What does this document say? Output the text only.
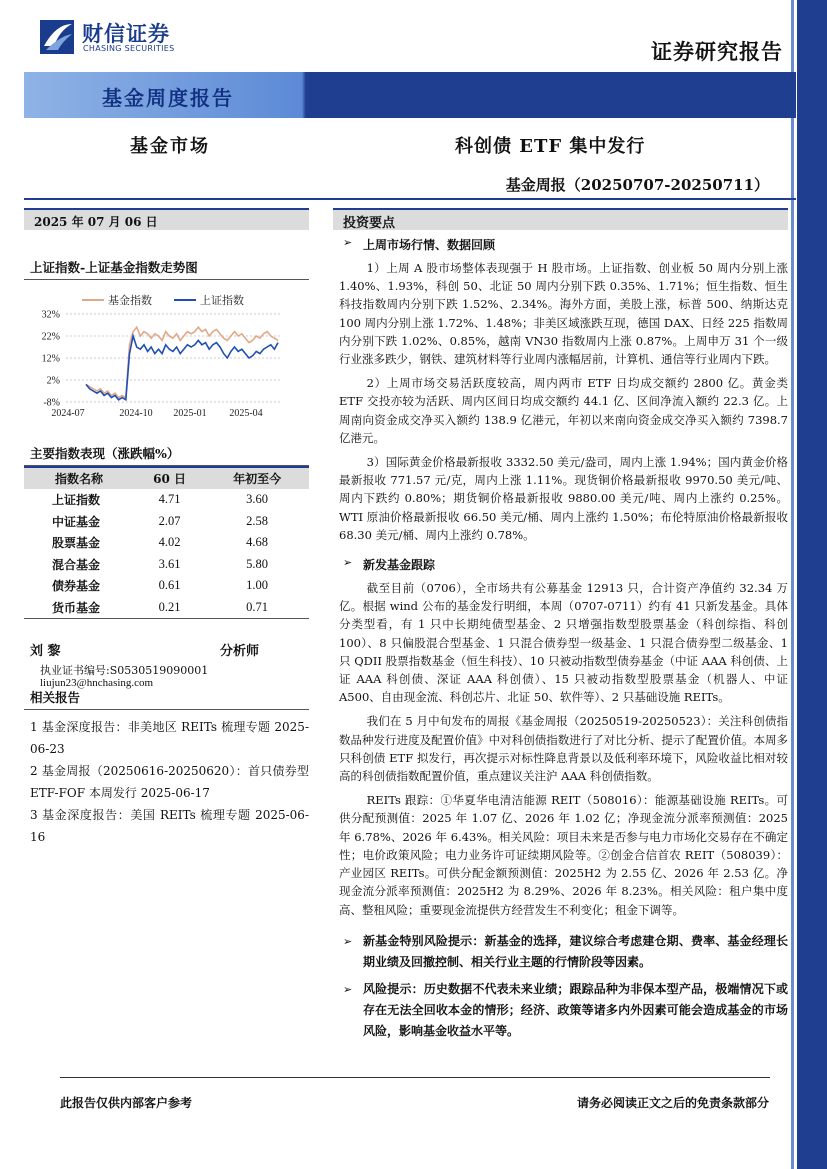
财信证券
CHASING SECURITIES	证券研究报告
基金周度报告
基金市场	科创债 ETF 集中发行
基金周报（20250707-20250711）
2025 年 07 月 06 日
上证指数-上证基金指数走势图
-8%
2%
12%
22%
32%
2024-07	2024-10 2025-01 2025-04
基金指数	上证指数
主要指数表现（涨跌幅%）
指数名称	60 日	年初至今
上证指数	4.71	3.60
中证基金	2.07	2.58
股票基金	4.02	4.68
混合基金	3.61	5.80
债券基金	0.61	1.00
货币基金	0.21	0.71
刘 黎	分析师
执业证书编号:S0530519090001
liujun23@hnchasing.com
相关报告
1 基金深度报告：非美地区 REITs 梳理专题 2025-06-23
2 基金周报（20250616-20250620）：首只债券型 ETF-FOF 本周发行 2025-06-17
3 基金深度报告：美国 REITs 梳理专题 2025-06-16
投资要点
➢ 上周市场行情、数据回顾

1）上周 A 股市场整体表现强于 H 股市场。上证指数、创业板 50 周内分别上涨 1.40%、1.93%，科创 50、北证 50 周内分别下跌 0.35%、1.71%；恒生指数、恒生科技指数周内分别下跌 1.52%、2.34%。海外方面，美股上涨，标普 500、纳斯达克 100 周内分别上涨 1.72%、1.48%；非美区域涨跌互现，德国 DAX、日经 225 指数周内分别下跌 1.02%、0.85%，越南 VN30 指数周内上涨 0.87%。上周申万 31 个一级行业涨多跌少，钢铁、建筑材料等行业周内涨幅居前，计算机、通信等行业周内下跌。

2）上周市场交易活跃度较高，周内两市 ETF 日均成交额约 2800 亿。黄金类 ETF 交投亦较为活跃、周内区间日均成交额约 44.1 亿、区间净流入额约 22.3 亿。上周南向资金成交净买入额约 138.9 亿港元，年初以来南向资金成交净买入额约 7398.7 亿港元。

3）国际黄金价格最新报收 3332.50 美元/盎司，周内上涨 1.94%；国内黄金价格最新报收 771.57 元/克，周内上涨 1.11%。现货铜价格最新报收 9970.50 美元/吨、周内下跌约 0.80%；期货铜价格最新报收 9880.00 美元/吨、周内上涨约 0.25%。WTI 原油价格最新报收 66.50 美元/桶、周内上涨约 1.50%；布伦特原油价格最新报收 68.30 美元/桶、周内上涨约 0.78%。

➢ 新发基金跟踪

截至目前（0706），全市场共有公募基金 12913 只，合计资产净值约 32.34 万亿。根据 wind 公布的基金发行明细，本周（0707-0711）约有 41 只新发基金。具体分类型看，有 1 只中长期纯债型基金、2 只增强指数型股票基金（科创综指、科创 100）、8 只偏股混合型基金、1 只混合债券型一级基金、1 只混合债券型二级基金、1 只 QDII 股票指数基金（恒生科技）、10 只被动指数型债券基金（中证 AAA 科创债、上证 AAA 科创债、深证 AAA 科创债）、15 只被动指数型股票基金（机器人、中证 A500、自由现金流、科创芯片、北证 50、软件等）、2 只基础设施 REITs。

我们在 5 月中旬发布的周报《基金周报（20250519-20250523）：关注科创债指数品种发行进度及配置价值》中对科创债指数进行了对比分析、提示了配置价值。本周多只科创债 ETF 拟发行，再次提示对标性降息背景以及低利率环境下，风险收益比相对较高的科创债指数配置价值，重点建议关注沪 AAA 科创债指数。

REITs 跟踪：①华夏华电清洁能源 REIT（508016）：能源基础设施 REITs。可供分配预测值：2025 年 1.07 亿、2026 年 1.02 亿；净现金流分派率预测值：2025 年 6.78%、2026 年 6.43%。相关风险：项目未来是否参与电力市场化交易存在不确定性；电价政策风险；电力业务许可证续期风险等。②创金合信首农 REIT（508039）：产业园区 REITs。可供分配金额预测值：2025H2 为 2.55 亿、2026 年 2.53 亿。净现金流分派率预测值：2025H2 为 8.29%、2026 年 8.23%。相关风险：租户集中度高、整租风险；重要现金流提供方经营发生不利变化；租金下调等。

➢ 新基金特别风险提示：新基金的选择，建议综合考虑建仓期、费率、基金经理长期业绩及回撤控制、相关行业主题的行情阶段等因素。
➢ 风险提示：历史数据不代表未来业绩；跟踪品种为非保本型产品，极端情况下或存在无法全回收本金的情形；经济、政策等诸多内外因素可能会造成基金的市场风险，影响基金收益水平等。
此报告仅供内部客户参考	请务必阅读正文之后的免责条款部分
